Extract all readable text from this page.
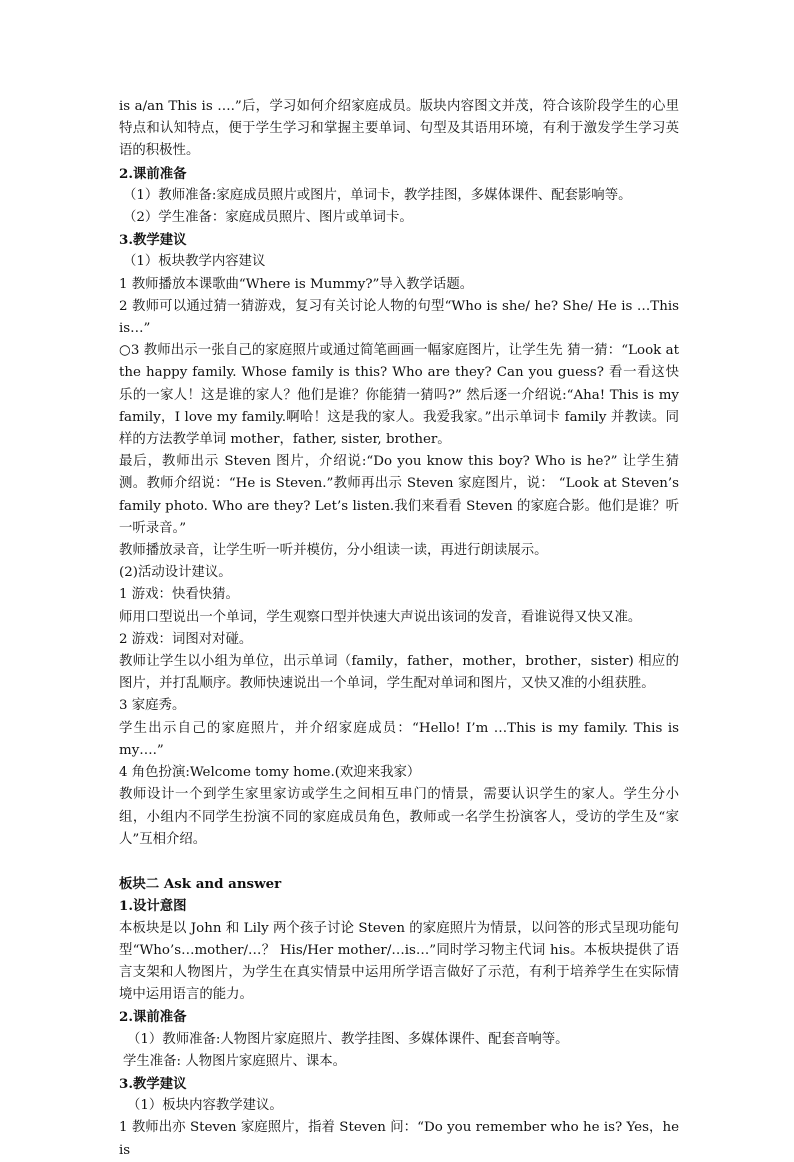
is a/an This is ….”后，学习如何介绍家庭成员。版块内容图文并茂，符合该阶段学生的心里特点和认知特点，便于学生学习和掌握主要单词、句型及其语用环境，有利于激发学生学习英语的积极性。

2.课前准备

（1）教师准备:家庭成员照片或图片，单词卡，教学挂图，多媒体课件、配套影响等。

（2）学生准备：家庭成员照片、图片或单词卡。

3.教学建议

（1）板块教学内容建议

1 教师播放本课歌曲“Where is Mummy?”导入教学话题。

2 教师可以通过猜一猜游戏，复习有关讨论人物的句型“Who is she/ he? She/ He is …This is…”

○3 教师出示一张自己的家庭照片或通过简笔画画一幅家庭图片，让学生先 猜一猜：“Look at the happy family. Whose family is this? Who are they? Can you guess? 看一看这快乐的一家人！这是谁的家人？他们是谁？你能猜一猜吗?” 然后逐一介绍说:“Aha! This is my family，I love my family.啊哈！这是我的家人。我爱我家。”出示单词卡 family 并教读。同样的方法教学单词 mother，father, sister, brother。

最后，教师出示 Steven 图片，介绍说:“Do you know this boy? Who is he?” 让学生猜测。教师介绍说：“He is Steven.”教师再出示 Steven 家庭图片，说： “Look at Steven’s family photo. Who are they? Let’s listen.我们来看看 Steven 的家庭合影。他们是谁？听一听录音。”

教师播放录音，让学生听一听并模仿，分小组读一读，再进行朗读展示。

(2)活动设计建议。

1 游戏：快看快猜。

师用口型说出一个单词，学生观察口型并快速大声说出该词的发音，看谁说得又快又准。

2 游戏：词图对对碰。

教师让学生以小组为单位，出示单词（family，father，mother，brother，sister) 相应的图片，并打乱顺序。教师快速说出一个单词，学生配对单词和图片，又快又准的小组获胜。

3 家庭秀。

学生出示自己的家庭照片，并介绍家庭成员：“Hello! I’m …This is my family. This is my….”

4 角色扮演:Welcome tomy home.(欢迎来我家）

教师设计一个到学生家里家访或学生之间相互串门的情景，需要认识学生的家人。学生分小组，小组内不同学生扮演不同的家庭成员角色，教师或一名学生扮演客人，受访的学生及“家人”互相介绍。

板块二 Ask and answer

1.设计意图

本板块是以 John 和 Lily 两个孩子讨论 Steven 的家庭照片为情景，以问答的形式呈现功能句型“Who’s…mother/…？ His/Her mother/…is…”同时学习物主代词 his。本板块提供了语言支架和人物图片，为学生在真实情景中运用所学语言做好了示范，有利于培养学生在实际情境中运用语言的能力。

2.课前准备

（1）教师准备:人物图片家庭照片、教学挂图、多媒体课件、配套音响等。

学生准备: 人物图片家庭照片、课本。

3.教学建议

（1）板块内容教学建议。

1 教师出亦 Steven 家庭照片，指着 Steven 问：“Do you remember who he is? Yes，he is
